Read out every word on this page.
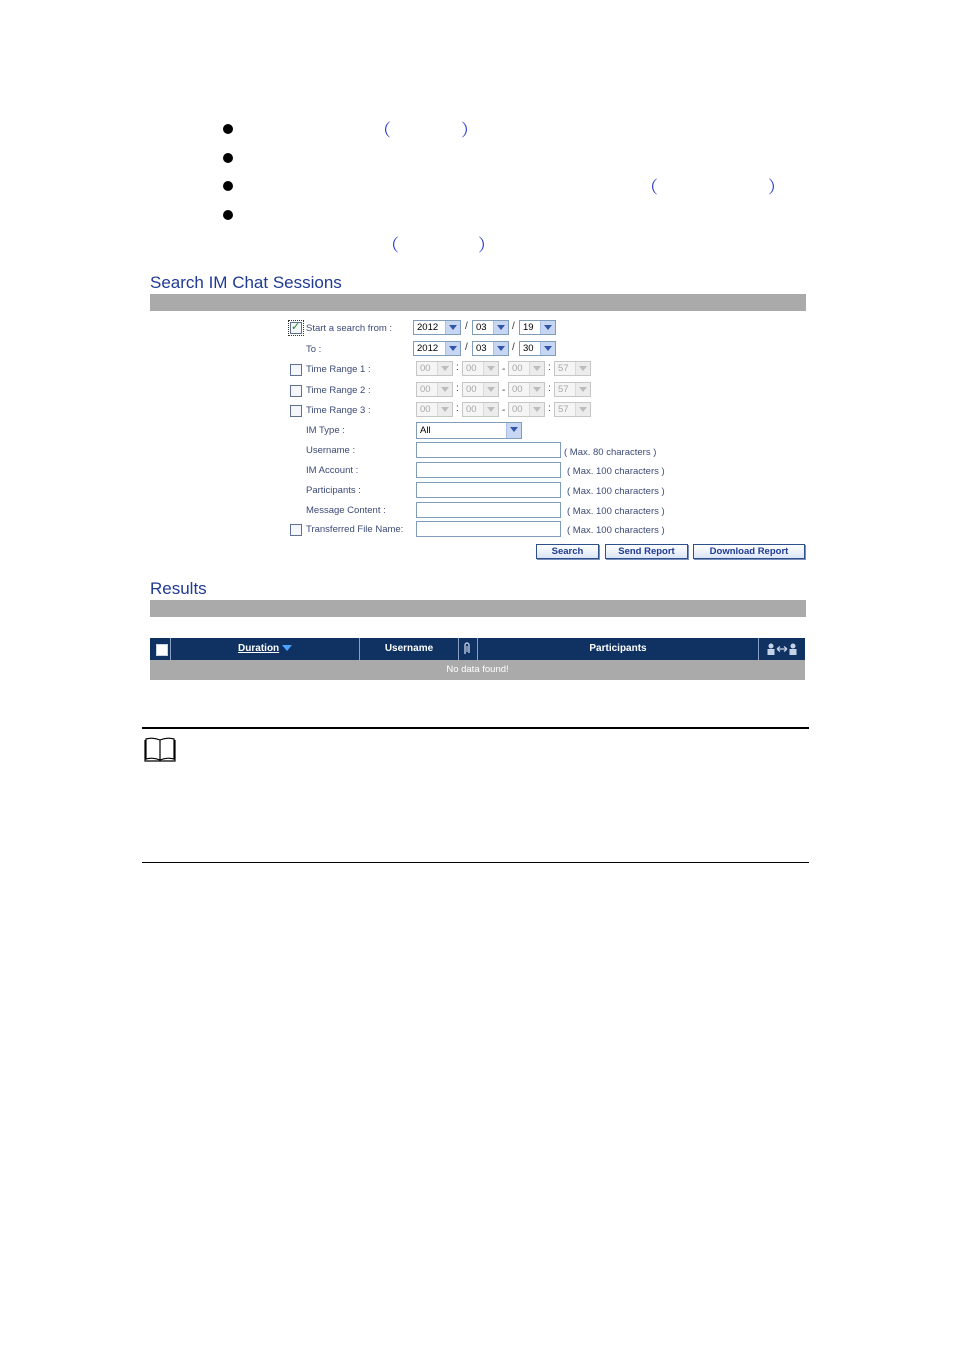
（	）
（	）
（	）
Search IM Chat Sessions
✓
Start a search from :	2012	/ 03	/ 19
To :	2012	/ 03	/ 30
Time Range 1 :	00	: 00	- 00	: 57
Time Range 2 :	00	: 00	- 00	: 57
Time Range 3 :	00	: 00	- 00	: 57
IM Type :	All
Username :	( Max. 80 characters )
IM Account :	( Max. 100 characters )
Participants :	( Max. 100 characters )
Message Content :	( Max. 100 characters )
Transferred File Name:	( Max. 100 characters )
Search	Send Report	Download Report
Results
Duration	Username	Participants
No data found!
